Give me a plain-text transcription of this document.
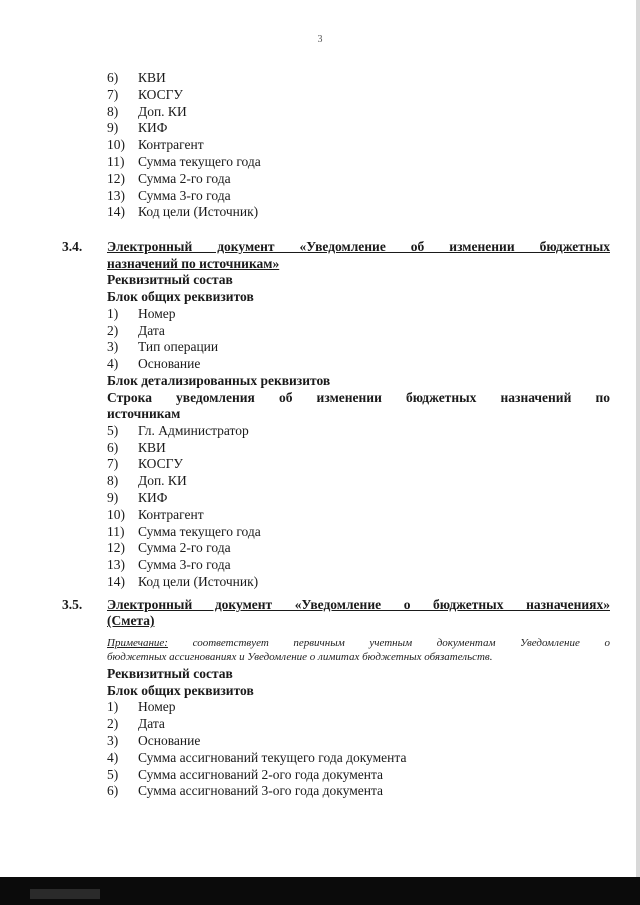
3
6) КВИ
7) КОСГУ
8) Доп. КИ
9) КИФ
10) Контрагент
11) Сумма текущего года
12) Сумма 2-го года
13) Сумма 3-го года
14) Код цели (Источник)
3.4. Электронный документ «Уведомление об изменении бюджетных
назначений по источникам»
Реквизитный состав
Блок общих реквизитов
1) Номер
2) Дата
3) Тип операции
4) Основание
Блок детализированных реквизитов
Строка уведомления об изменении бюджетных назначений по
источникам
5) Гл. Администратор
6) КВИ
7) КОСГУ
8) Доп. КИ
9) КИФ
10) Контрагент
11) Сумма текущего года
12) Сумма 2-го года
13) Сумма 3-го года
14) Код цели (Источник)
3.5. Электронный документ «Уведомление о бюджетных назначениях»
(Смета)
Примечание: соответствует первичным учетным документам Уведомление о
бюджетных ассигнованиях и Уведомление о лимитах бюджетных обязательств.
Реквизитный состав
Блок общих реквизитов
1) Номер
2) Дата
3) Основание
4) Сумма ассигнований текущего года документа
5) Сумма ассигнований 2-ого года документа
6) Сумма ассигнований 3-ого года документа
